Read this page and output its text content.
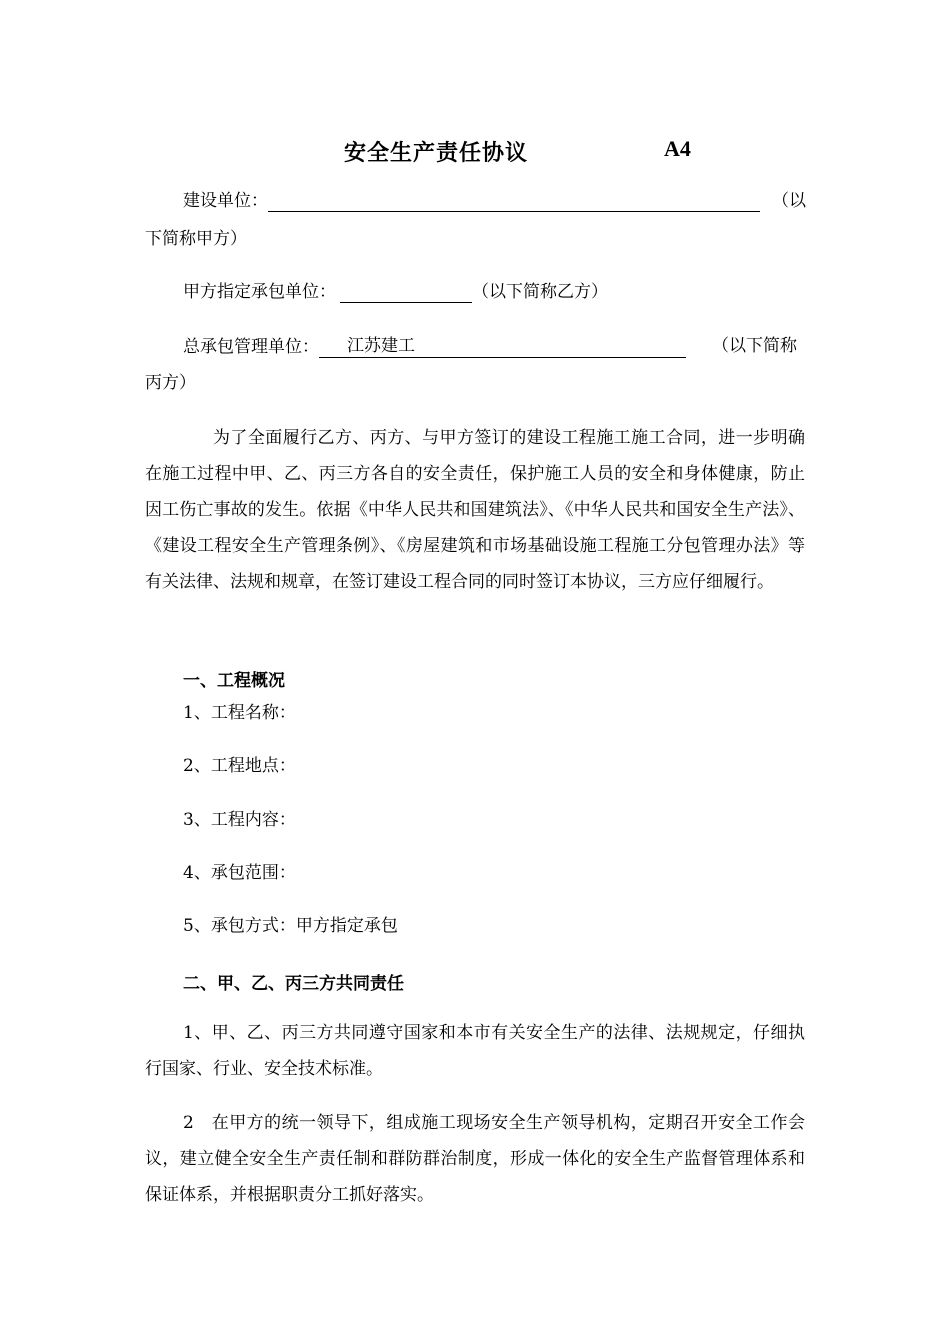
安全生产责任协议	A4
建设单位：	（以
下简称甲方）
甲方指定承包单位：	（以下简称乙方）
总承包管理单位： 江苏建工	（以下简称
丙方）
为了全面履行乙方、丙方、与甲方签订的建设工程施工施工合同，进一步明确在施工过程中甲、乙、丙三方各自的安全责任，保护施工人员的安全和身体健康，防止因工伤亡事故的发生。依据《中华人民共和国建筑法》、《中华人民共和国安全生产法》、《建设工程安全生产管理条例》、《房屋建筑和市场基础设施工程施工分包管理办法》等有关法律、法规和规章，在签订建设工程合同的同时签订本协议，三方应仔细履行。
一、工程概况
1、工程名称：
2、工程地点：
3、工程内容：
4、承包范围：
5、承包方式：甲方指定承包
二、甲、乙、丙三方共同责任
1、甲、乙、丙三方共同遵守国家和本市有关安全生产的法律、法规规定，仔细执行国家、行业、安全技术标准。
2　在甲方的统一领导下，组成施工现场安全生产领导机构，定期召开安全工作会议，建立健全安全生产责任制和群防群治制度，形成一体化的安全生产监督管理体系和保证体系，并根据职责分工抓好落实。
